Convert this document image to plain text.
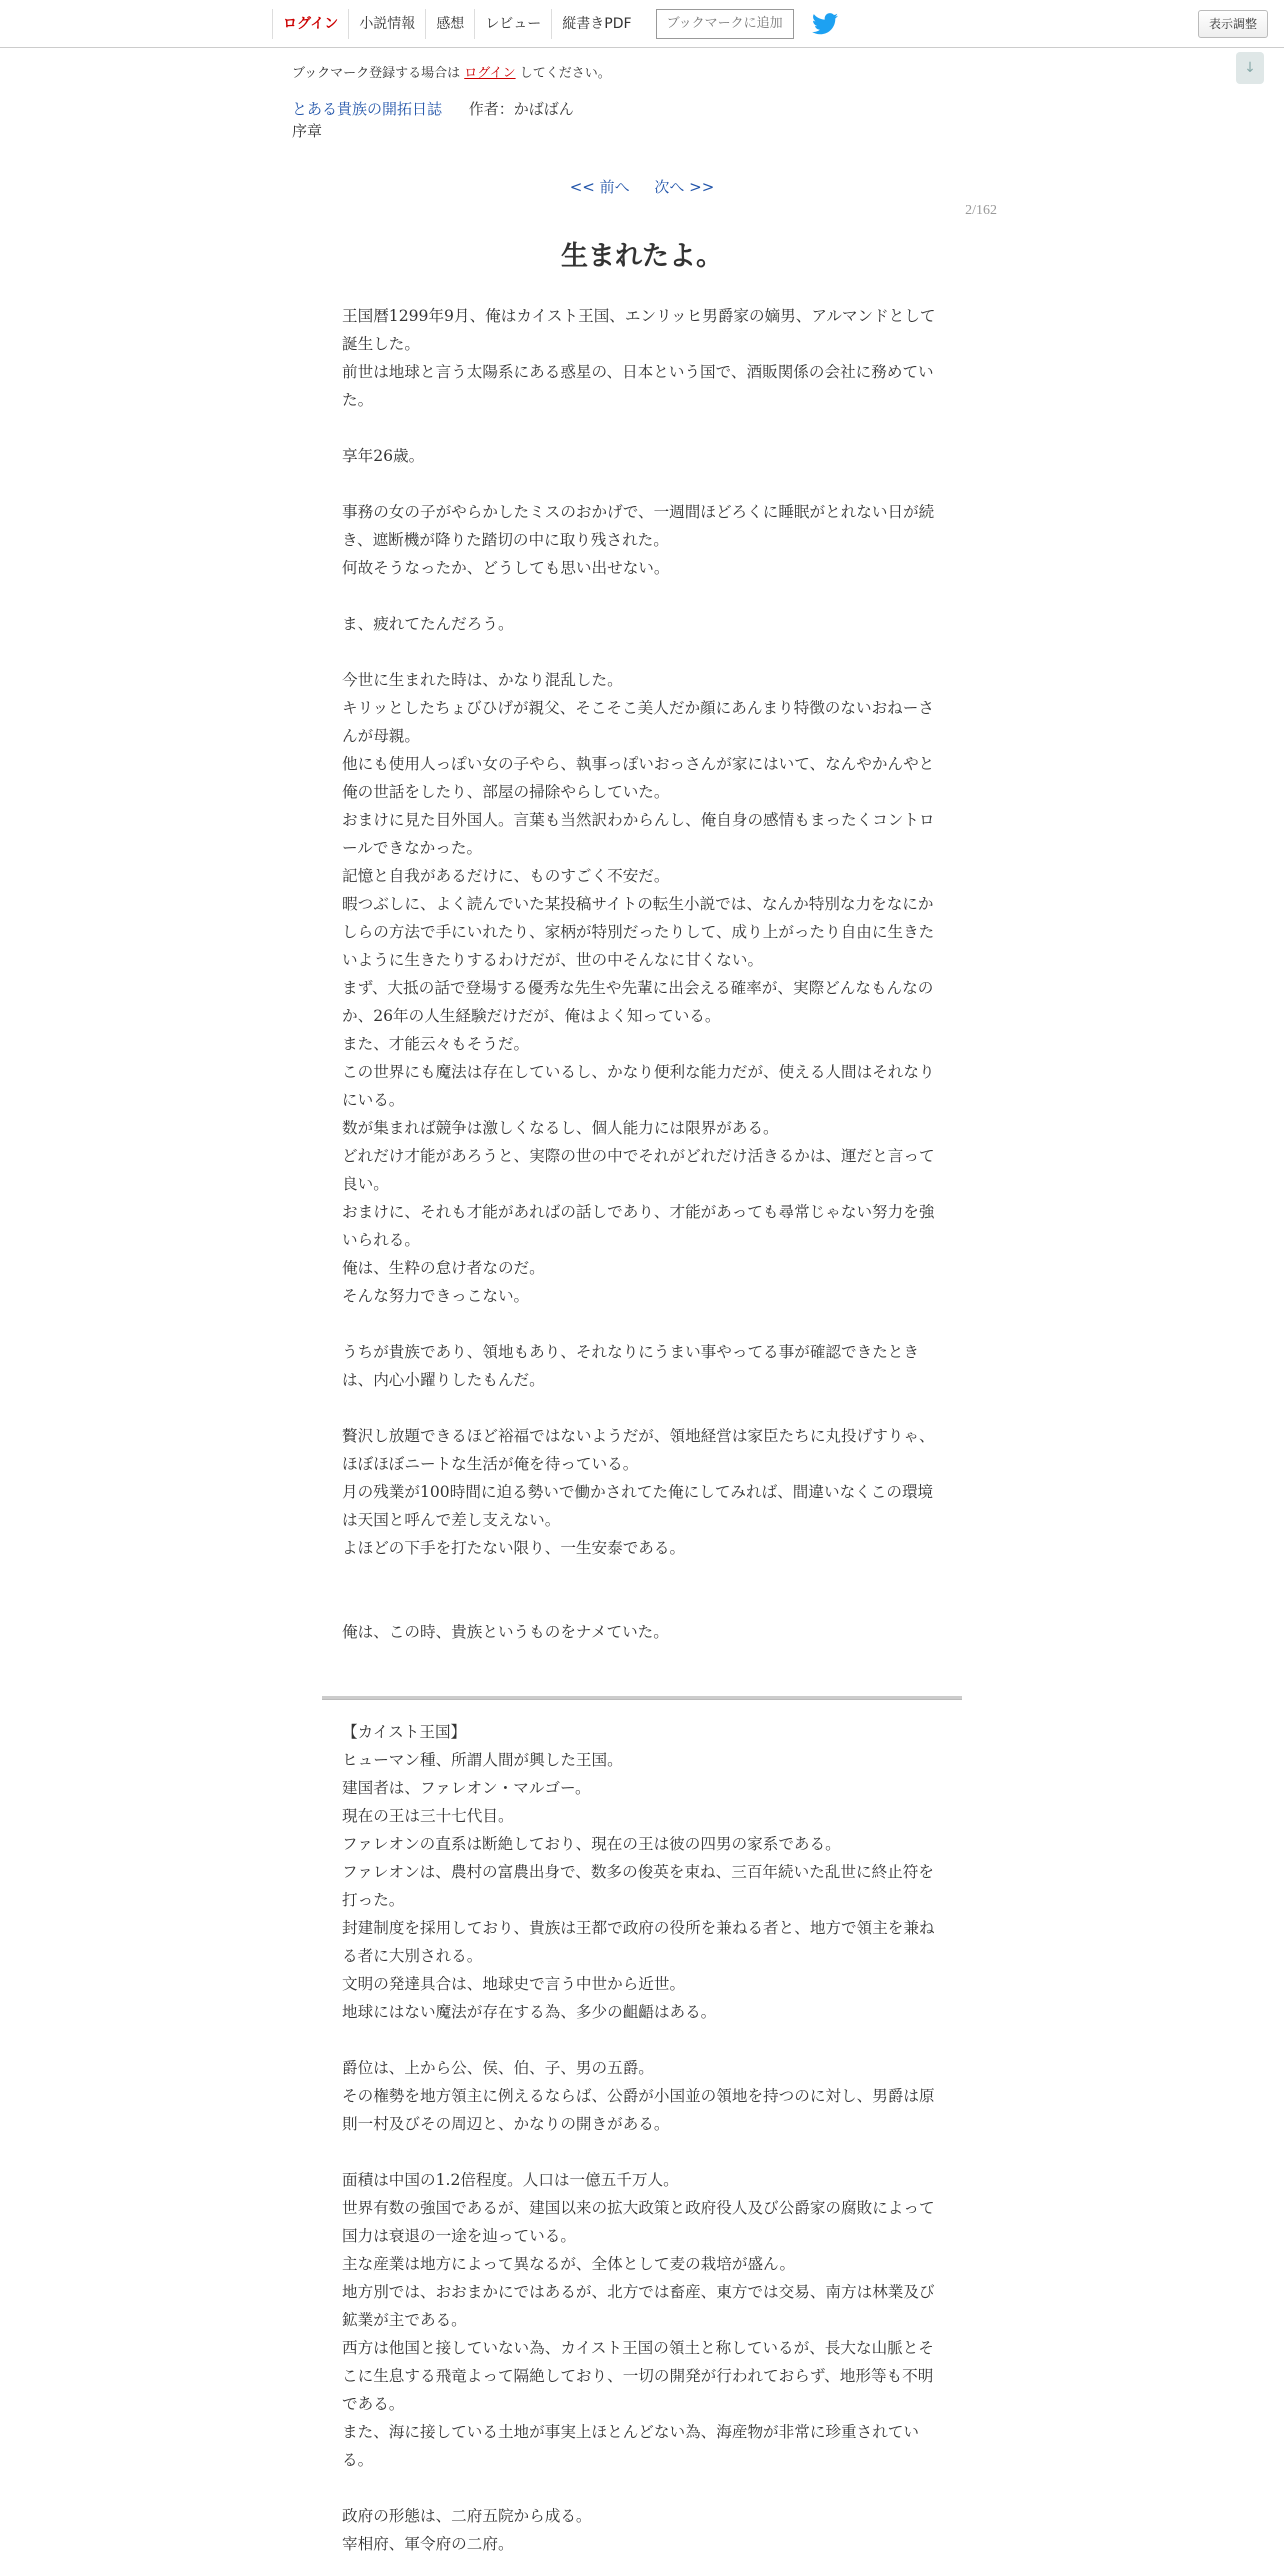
ログイン	小説情報	感想	レビュー	縦書きPDF	ブックマークに追加	表示調整
↓
ブックマーク登録する場合は ログイン してください。
とある貴族の開拓日誌 作者：かばばん
序章
<< 前へ 次へ >>
2/162
生まれたよ。

王国暦1299年9月、俺はカイスト王国、エンリッヒ男爵家の嫡男、アルマンドとして誕生した。

前世は地球と言う太陽系にある惑星の、日本という国で、酒販関係の会社に務めていた。

享年26歳。

事務の女の子がやらかしたミスのおかげで、一週間ほどろくに睡眠がとれない日が続き、遮断機が降りた踏切の中に取り残された。

何故そうなったか、どうしても思い出せない。

ま、疲れてたんだろう。

今世に生まれた時は、かなり混乱した。

キリッとしたちょびひげが親父、そこそこ美人だか顔にあんまり特徴のないおねーさんが母親。

他にも使用人っぽい女の子やら、執事っぽいおっさんが家にはいて、なんやかんやと俺の世話をしたり、部屋の掃除やらしていた。

おまけに見た目外国人。言葉も当然訳わからんし、俺自身の感情もまったくコントロールできなかった。

記憶と自我があるだけに、ものすごく不安だ。

暇つぶしに、よく読んでいた某投稿サイトの転生小説では、なんか特別な力をなにかしらの方法で手にいれたり、家柄が特別だったりして、成り上がったり自由に生きたいように生きたりするわけだが、世の中そんなに甘くない。

まず、大抵の話で登場する優秀な先生や先輩に出会える確率が、実際どんなもんなのか、26年の人生経験だけだが、俺はよく知っている。

また、才能云々もそうだ。

この世界にも魔法は存在しているし、かなり便利な能力だが、使える人間はそれなりにいる。

数が集まれば競争は激しくなるし、個人能力には限界がある。

どれだけ才能があろうと、実際の世の中でそれがどれだけ活きるかは、運だと言って良い。

おまけに、それも才能があればの話しであり、才能があっても尋常じゃない努力を強いられる。

俺は、生粋の怠け者なのだ。

そんな努力できっこない。

うちが貴族であり、領地もあり、それなりにうまい事やってる事が確認できたときは、内心小躍りしたもんだ。

贅沢し放題できるほど裕福ではないようだが、領地経営は家臣たちに丸投げすりゃ、ほぼほぼニートな生活が俺を待っている。

月の残業が100時間に迫る勢いで働かされてた俺にしてみれば、間違いなくこの環境は天国と呼んで差し支えない。

よほどの下手を打たない限り、一生安泰である。

俺は、この時、貴族というものをナメていた。

【カイスト王国】

ヒューマン種、所謂人間が興した王国。

建国者は、ファレオン・マルゴー。

現在の王は三十七代目。

ファレオンの直系は断絶しており、現在の王は彼の四男の家系である。

ファレオンは、農村の富農出身で、数多の俊英を束ね、三百年続いた乱世に終止符を打った。

封建制度を採用しており、貴族は王都で政府の役所を兼ねる者と、地方で領主を兼ねる者に大別される。

文明の発達具合は、地球史で言う中世から近世。

地球にはない魔法が存在する為、多少の齟齬はある。

爵位は、上から公、侯、伯、子、男の五爵。

その権勢を地方領主に例えるならば、公爵が小国並の領地を持つのに対し、男爵は原則一村及びその周辺と、かなりの開きがある。

面積は中国の1.2倍程度。人口は一億五千万人。

世界有数の強国であるが、建国以来の拡大政策と政府役人及び公爵家の腐敗によって国力は衰退の一途を辿っている。

主な産業は地方によって異なるが、全体として麦の栽培が盛ん。

地方別では、おおまかにではあるが、北方では畜産、東方では交易、南方は林業及び鉱業が主である。

西方は他国と接していない為、カイスト王国の領土と称しているが、長大な山脈とそこに生息する飛竜よって隔絶しており、一切の開発が行われておらず、地形等も不明である。

また、海に接している土地が事実上ほとんどない為、海産物が非常に珍重されている。

政府の形態は、二府五院から成る。

宰相府、軍令府の二府。
